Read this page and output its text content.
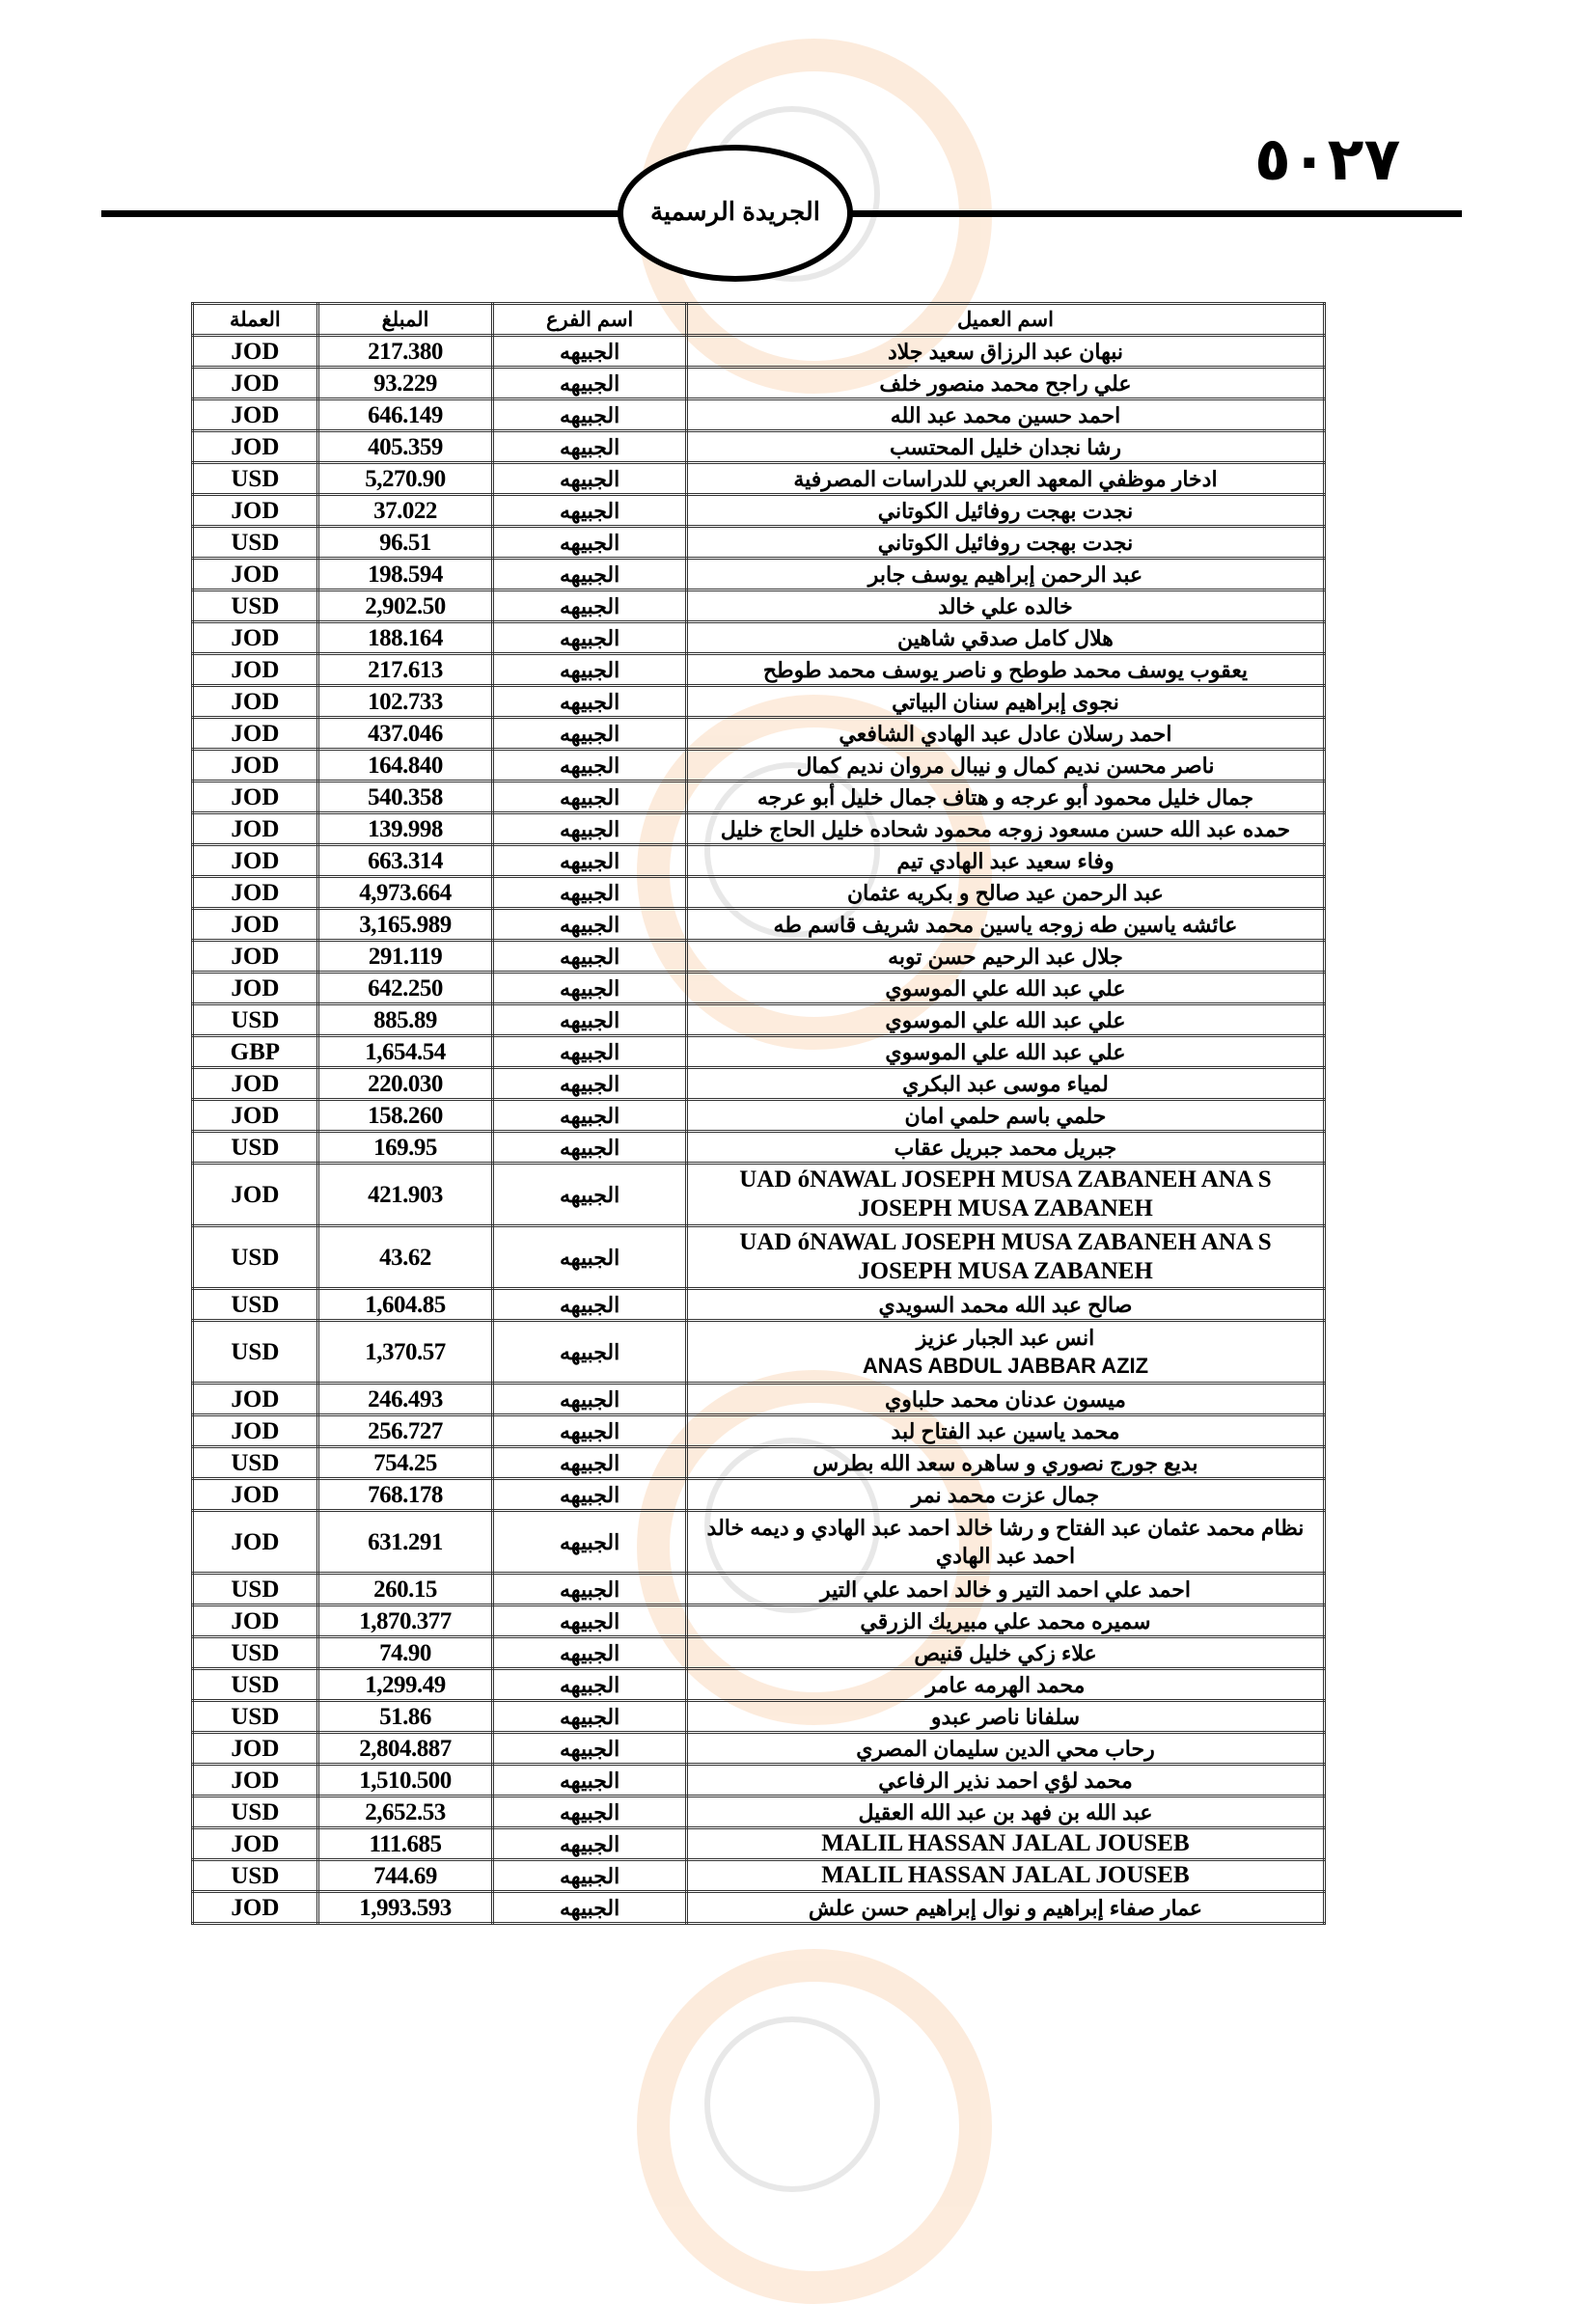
٥٠٢٧
الجريدة الرسمية
اسم العميل	اسم الفرع	المبلغ	العملة
نبهان عبد الرزاق سعيد جلاد	الجبيهه	217.380	JOD
علي راجح محمد منصور خلف	الجبيهه	93.229	JOD
احمد حسين محمد عبد الله	الجبيهه	646.149	JOD
رشا نجدان خليل المحتسب	الجبيهه	405.359	JOD
ادخار موظفي المعهد العربي للدراسات المصرفية	الجبيهه	5,270.90	USD
نجدت بهجت روفائيل الكوتاني	الجبيهه	37.022	JOD
نجدت بهجت روفائيل الكوتاني	الجبيهه	96.51	USD
عبد الرحمن إبراهيم يوسف جابر	الجبيهه	198.594	JOD
خالده علي خالد	الجبيهه	2,902.50	USD
هلال كامل صدقي شاهين	الجبيهه	188.164	JOD
يعقوب يوسف محمد طوطح و ناصر يوسف محمد طوطح	الجبيهه	217.613	JOD
نجوى إبراهيم سنان البياتي	الجبيهه	102.733	JOD
احمد رسلان عادل عبد الهادي الشافعي	الجبيهه	437.046	JOD
ناصر محسن نديم كمال و نيبال مروان نديم كمال	الجبيهه	164.840	JOD
جمال خليل محمود أبو عرجه و هتاف جمال خليل أبو عرجه	الجبيهه	540.358	JOD
حمده عبد الله حسن مسعود زوجه محمود شحاده خليل الحاج خليل	الجبيهه	139.998	JOD
وفاء سعيد عبد الهادي تيم	الجبيهه	663.314	JOD
عبد الرحمن عيد صالح و بكريه عثمان	الجبيهه	4,973.664	JOD
عائشه ياسين طه زوجه ياسين محمد شريف قاسم طه	الجبيهه	3,165.989	JOD
جلال عبد الرحيم حسن توبه	الجبيهه	291.119	JOD
علي عبد الله علي الموسوي	الجبيهه	642.250	JOD
علي عبد الله علي الموسوي	الجبيهه	885.89	USD
علي عبد الله علي الموسوي	الجبيهه	1,654.54	GBP
لمياء موسى عبد البكري	الجبيهه	220.030	JOD
حلمي باسم حلمي امان	الجبيهه	158.260	JOD
جبريل محمد جبريل عقاب	الجبيهه	169.95	USD
UAD óNAWAL JOSEPH MUSA ZABANEH ANA S
JOSEPH MUSA ZABANEH	الجبيهه	421.903	JOD
UAD óNAWAL JOSEPH MUSA ZABANEH ANA S
JOSEPH MUSA ZABANEH	الجبيهه	43.62	USD
صالح عبد الله محمد السويدي	الجبيهه	1,604.85	USD
انس عبد الجبار عزيز
ANAS ABDUL JABBAR AZIZ	الجبيهه	1,370.57	USD
ميسون عدنان محمد حلباوي	الجبيهه	246.493	JOD
محمد ياسين عبد الفتاح لبد	الجبيهه	256.727	JOD
بديع جورج نصوري و ساهره سعد الله بطرس	الجبيهه	754.25	USD
جمال عزت محمد نمر	الجبيهه	768.178	JOD
نظام محمد عثمان عبد الفتاح و رشا خالد احمد عبد الهادي و ديمه خالد
احمد عبد الهادي	الجبيهه	631.291	JOD
احمد علي احمد التير و خالد احمد علي التير	الجبيهه	260.15	USD
سميره محمد علي مبيريك الزرقي	الجبيهه	1,870.377	JOD
علاء زكي خليل قنيص	الجبيهه	74.90	USD
محمد الهرمه عامر	الجبيهه	1,299.49	USD
سلفانا ناصر عبدو	الجبيهه	51.86	USD
رحاب محي الدين سليمان المصري	الجبيهه	2,804.887	JOD
محمد لؤي احمد نذير الرفاعي	الجبيهه	1,510.500	JOD
عبد الله بن فهد بن عبد الله العقيل	الجبيهه	2,652.53	USD
MALIL HASSAN JALAL JOUSEB	الجبيهه	111.685	JOD
MALIL HASSAN JALAL JOUSEB	الجبيهه	744.69	USD
عمار صفاء إبراهيم و نوال إبراهيم حسن علش	الجبيهه	1,993.593	JOD
